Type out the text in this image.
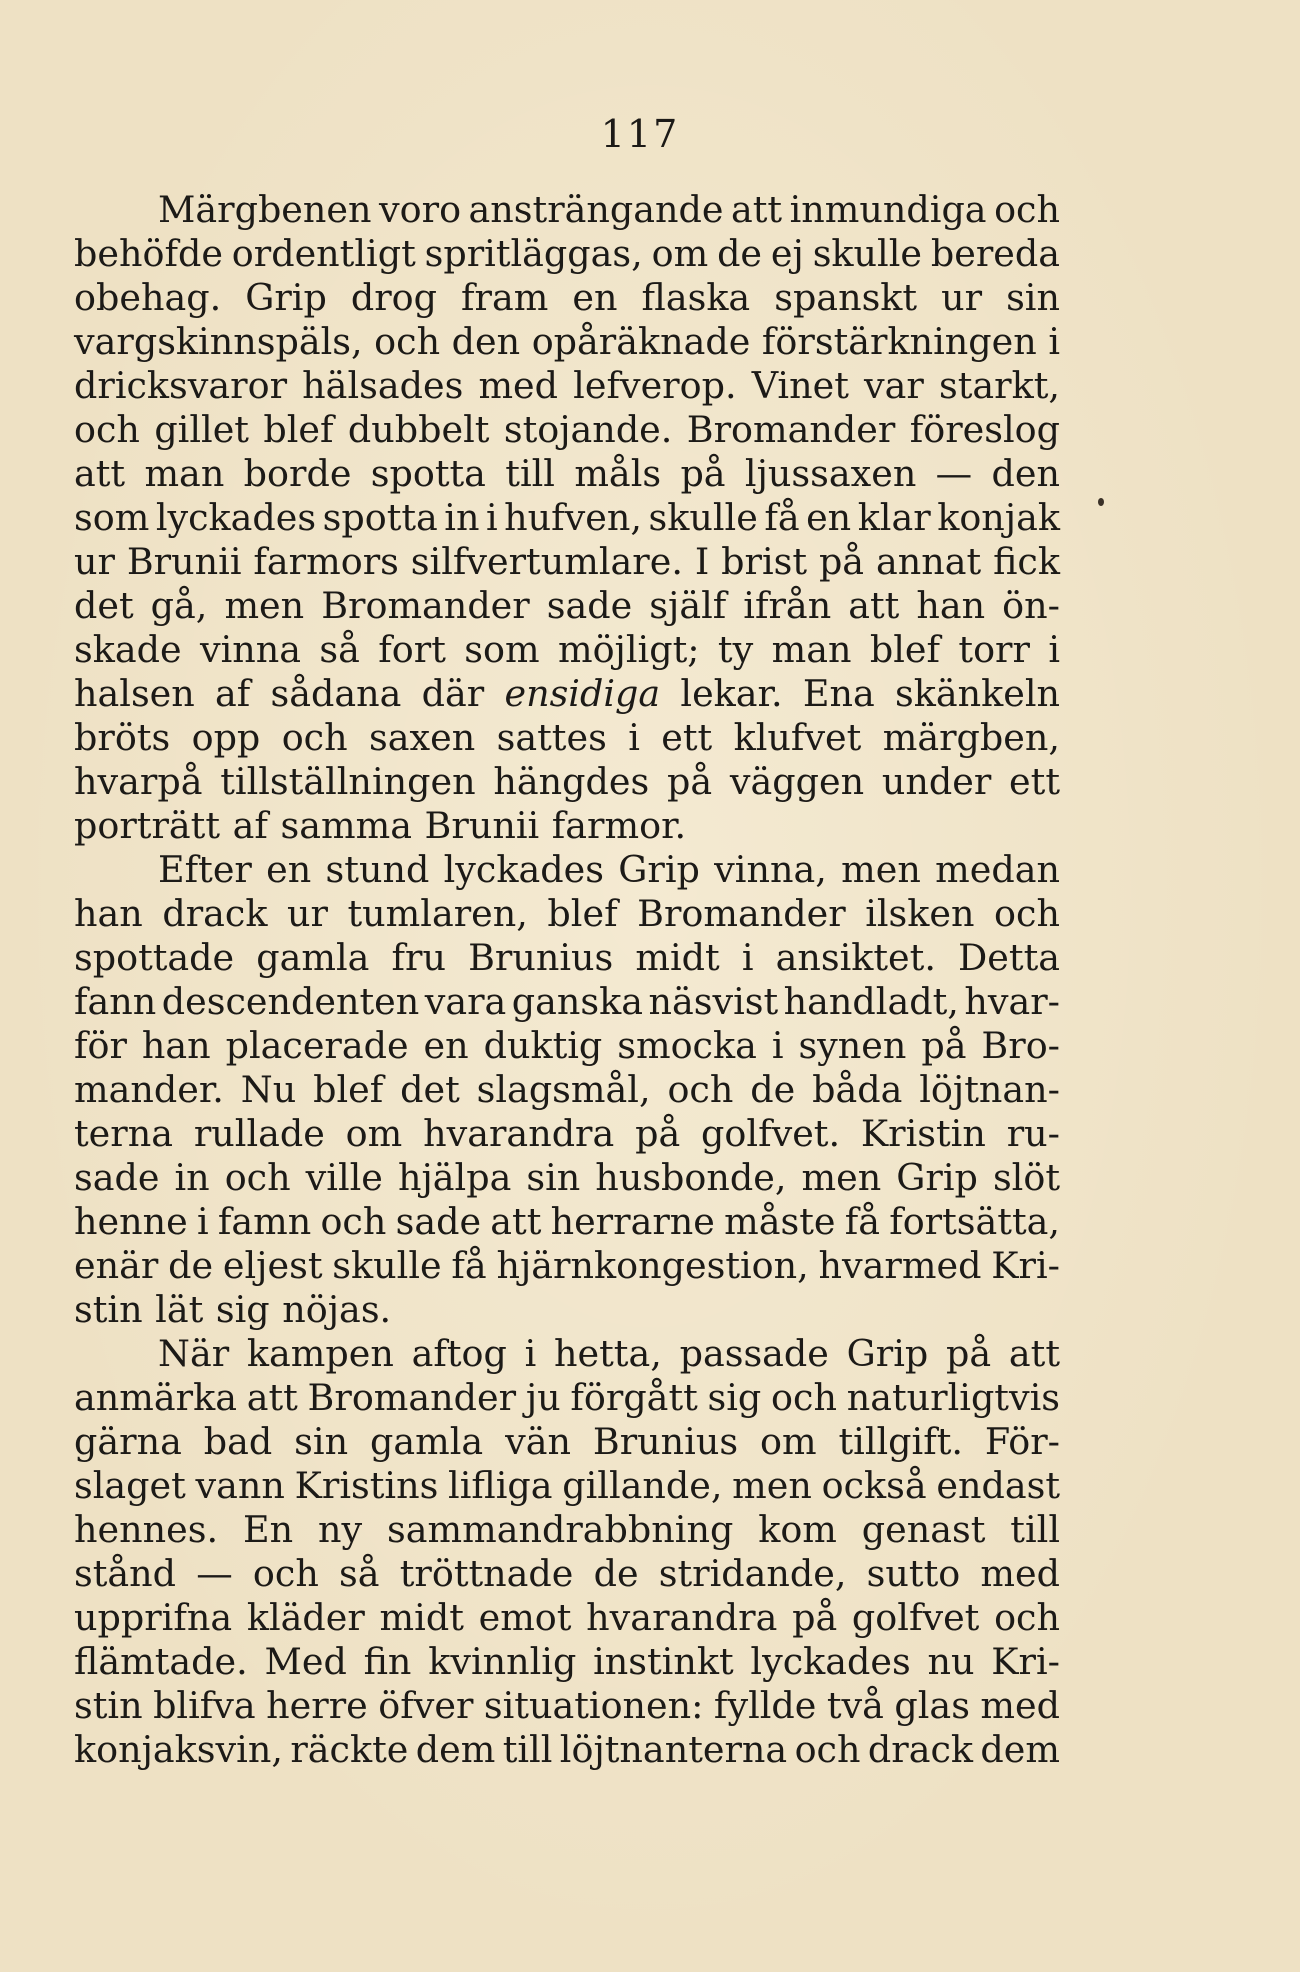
117

Märgbenen voro ansträngande att inmundiga och
behöfde ordentligt spritläggas, om de ej skulle bereda
obehag. Grip drog fram en flaska spanskt ur sin
vargskinnspäls, och den opåräknade förstärkningen i
dricksvaror hälsades med lefverop. Vinet var starkt,
och gillet blef dubbelt stojande. Bromander föreslog
att man borde spotta till måls på ljussaxen — den
som lyckades spotta in i hufven, skulle få en klar konjak
ur Brunii farmors silfvertumlare. I brist på annat fick
det gå, men Bromander sade själf ifrån att han ön-
skade vinna så fort som möjligt; ty man blef torr i
halsen af sådana där ensidiga lekar. Ena skänkeln
bröts opp och saxen sattes i ett klufvet märgben,
hvarpå tillställningen hängdes på väggen under ett
porträtt af samma Brunii farmor.

Efter en stund lyckades Grip vinna, men medan
han drack ur tumlaren, blef Bromander ilsken och
spottade gamla fru Brunius midt i ansiktet. Detta
fann descendenten vara ganska näsvist handladt, hvar-
för han placerade en duktig smocka i synen på Bro-
mander. Nu blef det slagsmål, och de båda löjtnan-
terna rullade om hvarandra på golfvet. Kristin ru-
sade in och ville hjälpa sin husbonde, men Grip slöt
henne i famn och sade att herrarne måste få fortsätta,
enär de eljest skulle få hjärnkongestion, hvarmed Kri-
stin lät sig nöjas.

När kampen aftog i hetta, passade Grip på att
anmärka att Bromander ju förgått sig och naturligtvis
gärna bad sin gamla vän Brunius om tillgift. För-
slaget vann Kristins lifliga gillande, men också endast
hennes. En ny sammandrabbning kom genast till
stånd — och så tröttnade de stridande, sutto med
upprifna kläder midt emot hvarandra på golfvet och
flämtade. Med fin kvinnlig instinkt lyckades nu Kri-
stin blifva herre öfver situationen: fyllde två glas med
konjaksvin, räckte dem till löjtnanterna och drack dem
